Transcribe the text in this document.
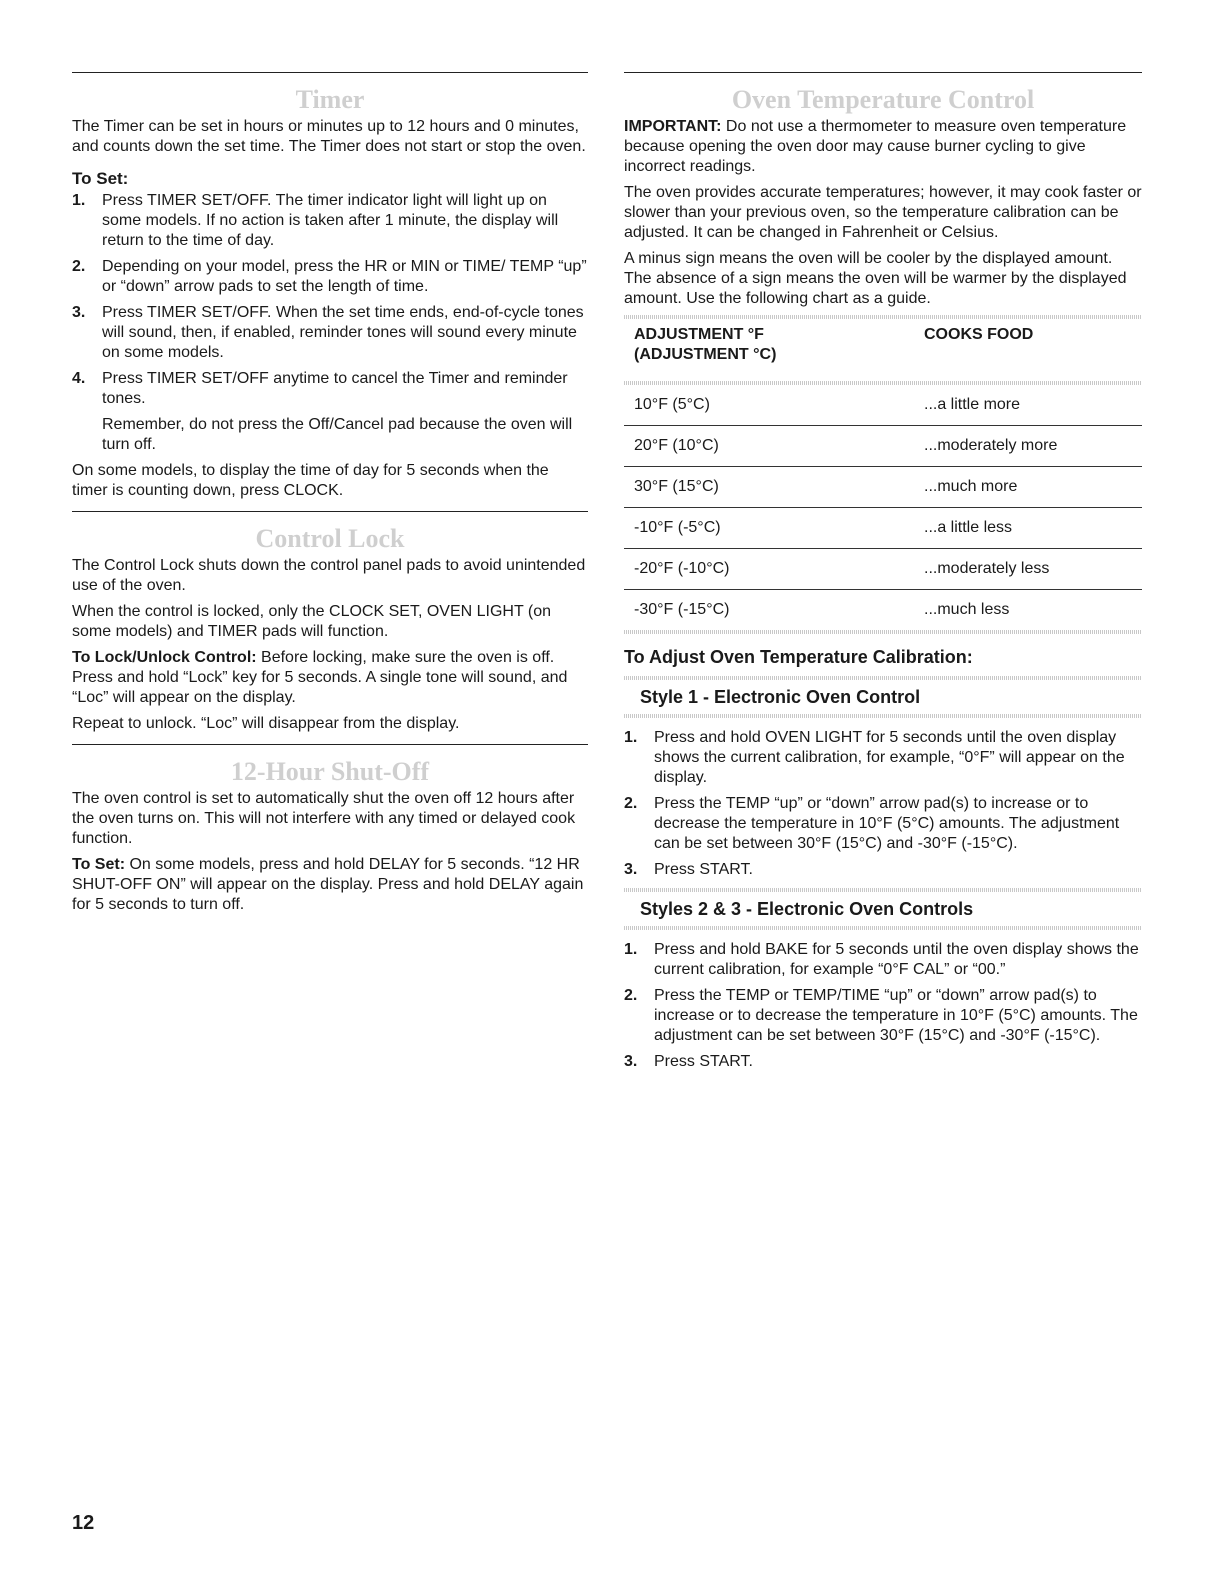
Timer

The Timer can be set in hours or minutes up to 12 hours and 0 minutes, and counts down the set time. The Timer does not start or stop the oven.

To Set:
1. Press TIMER SET/OFF. The timer indicator light will light up on some models. If no action is taken after 1 minute, the display will return to the time of day.
2. Depending on your model, press the HR or MIN or TIME/ TEMP “up” or “down” arrow pads to set the length of time.
3. Press TIMER SET/OFF. When the set time ends, end-of-cycle tones will sound, then, if enabled, reminder tones will sound every minute on some models.
4. Press TIMER SET/OFF anytime to cancel the Timer and reminder tones.

Remember, do not press the Off/Cancel pad because the oven will turn off.

On some models, to display the time of day for 5 seconds when the timer is counting down, press CLOCK.

Control Lock

The Control Lock shuts down the control panel pads to avoid unintended use of the oven.

When the control is locked, only the CLOCK SET, OVEN LIGHT (on some models) and TIMER pads will function.

To Lock/Unlock Control: Before locking, make sure the oven is off. Press and hold “Lock” key for 5 seconds. A single tone will sound, and “Loc” will appear on the display.

Repeat to unlock. “Loc” will disappear from the display.

12-Hour Shut-Off

The oven control is set to automatically shut the oven off 12 hours after the oven turns on. This will not interfere with any timed or delayed cook function.

To Set: On some models, press and hold DELAY for 5 seconds. “12 HR SHUT-OFF ON” will appear on the display. Press and hold DELAY again for 5 seconds to turn off.

Oven Temperature Control

IMPORTANT: Do not use a thermometer to measure oven temperature because opening the oven door may cause burner cycling to give incorrect readings.

The oven provides accurate temperatures; however, it may cook faster or slower than your previous oven, so the temperature calibration can be adjusted. It can be changed in Fahrenheit or Celsius.

A minus sign means the oven will be cooler by the displayed amount. The absence of a sign means the oven will be warmer by the displayed amount. Use the following chart as a guide.

ADJUSTMENT °F
(ADJUSTMENT °C)	COOKS FOOD

10°F (5°C)	...a little more
20°F (10°C)	...moderately more
30°F (15°C)	...much more
-10°F (-5°C)	...a little less
-20°F (-10°C)	...moderately less
-30°F (-15°C)	...much less
To Adjust Oven Temperature Calibration:
Style 1 - Electronic Oven Control
1. Press and hold OVEN LIGHT for 5 seconds until the oven display shows the current calibration, for example, “0°F” will appear on the display.
2. Press the TEMP “up” or “down” arrow pad(s) to increase or to decrease the temperature in 10°F (5°C) amounts. The adjustment can be set between 30°F (15°C) and -30°F (-15°C).
3. Press START.
Styles 2 & 3 - Electronic Oven Controls
1. Press and hold BAKE for 5 seconds until the oven display shows the current calibration, for example “0°F CAL” or “00.”
2. Press the TEMP or TEMP/TIME “up” or “down” arrow pad(s) to increase or to decrease the temperature in 10°F (5°C) amounts. The adjustment can be set between 30°F (15°C) and -30°F (-15°C).
3. Press START.
12
